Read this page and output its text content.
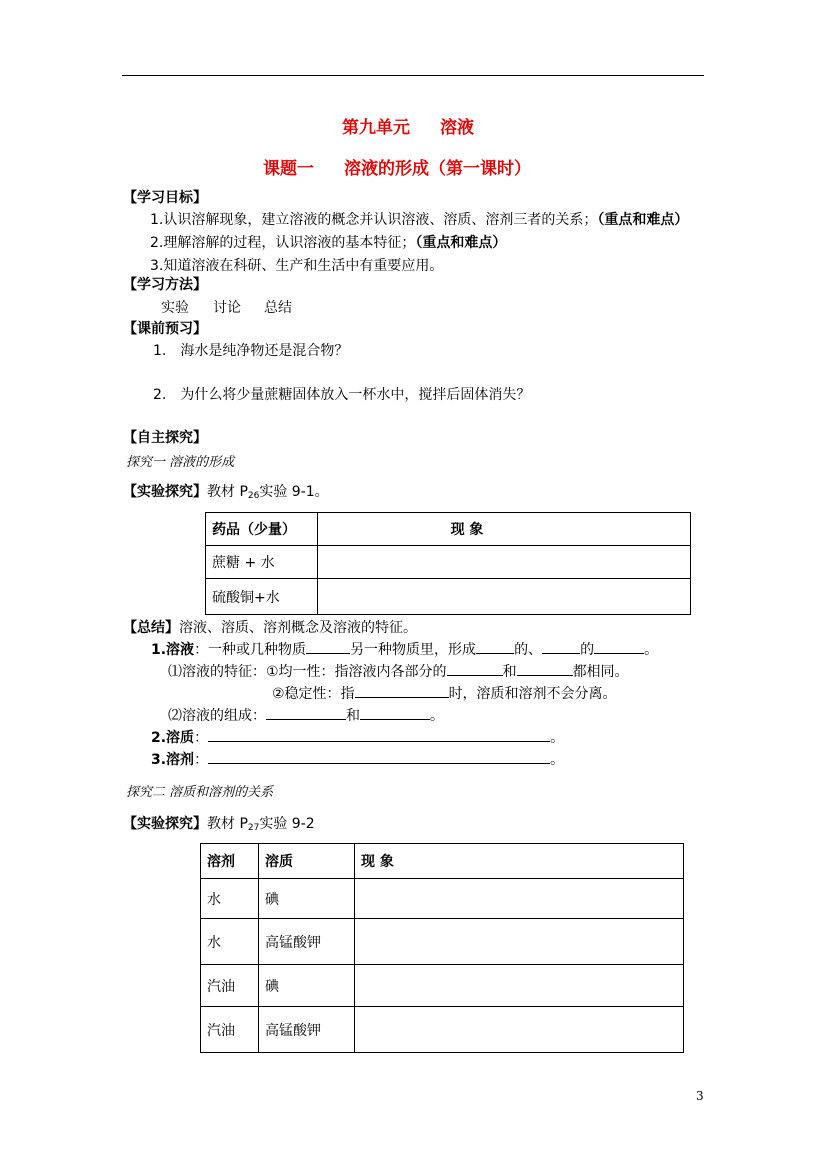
第九单元 溶液
课题一 溶液的形成（第一课时）
【学习目标】
1.认识溶解现象，建立溶液的概念并认识溶液、溶质、溶剂三者的关系；（重点和难点）
2.理解溶解的过程，认识溶液的基本特征；（重点和难点）
3.知道溶液在科研、生产和生活中有重要应用。
【学习方法】
实验 讨论 总结
【课前预习】
1. 海水是纯净物还是混合物？
2. 为什么将少量蔗糖固体放入一杯水中，搅拌后固体消失？
【自主探究】
探究一 溶液的形成
【实验探究】教材 $P_{26}$实验 9-1。
药品（少量）	现 象
蔗糖 + 水	
硫酸铜+水	
【总结】溶液、溶质、溶剂概念及溶液的特征。
1.溶液：一种或几种物质	另一种物质里，形成	的、	的	。
⑴溶液的特征：①均一性：指溶液内各部分的	和	都相同。
②稳定性：指	时，溶质和溶剂不会分离。
⑵溶液的组成：	和	。
2.溶质：	。
3.溶剂：	。
探究二 溶质和溶剂的关系
【实验探究】教材 $P_{27}$实验 9-2
溶剂	溶质	现 象
水	碘	
水	高锰酸钾	
汽油	碘	
汽油	高锰酸钾	
3
